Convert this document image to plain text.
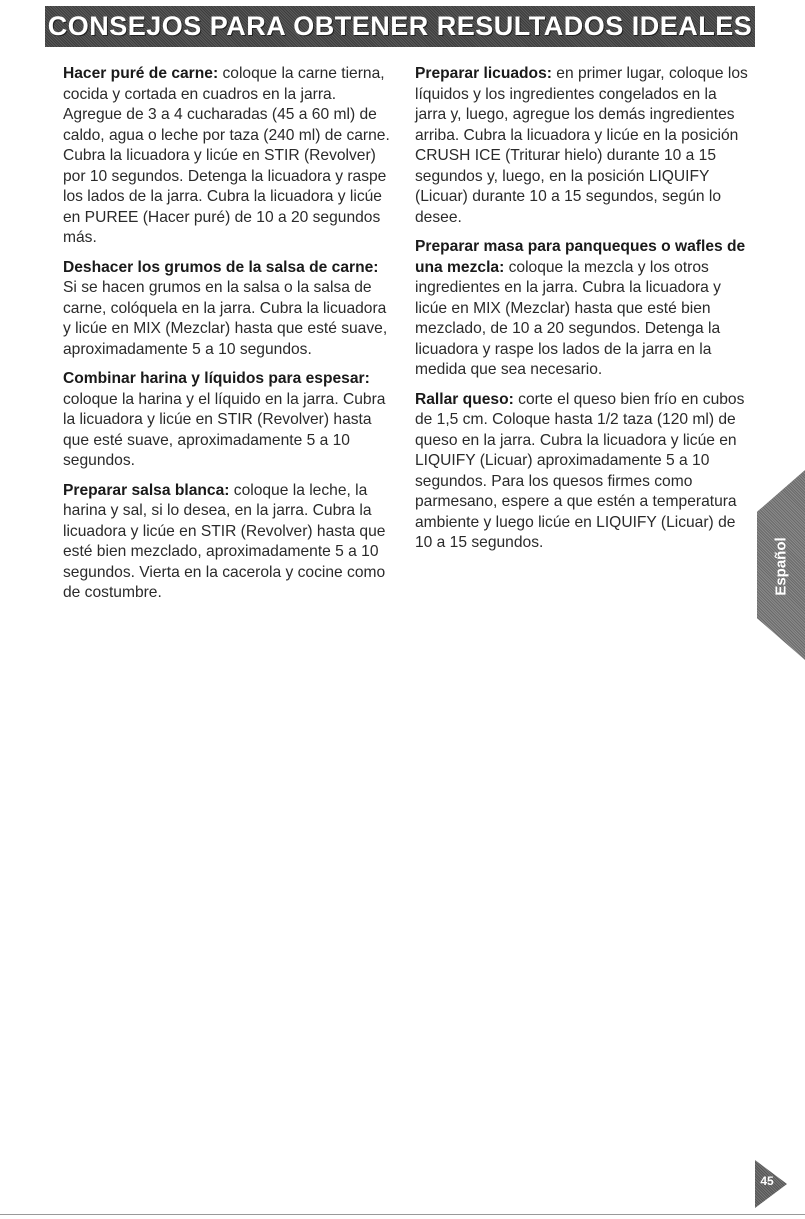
CONSEJOS PARA OBTENER RESULTADOS IDEALES

Hacer puré de carne: coloque la carne tierna, cocida y cortada en cuadros en la jarra. Agregue de 3 a 4 cucharadas (45 a 60 ml) de caldo, agua o leche por taza (240 ml) de carne. Cubra la licuadora y licúe en STIR (Revolver) por 10 segundos. Detenga la licuadora y raspe los lados de la jarra. Cubra la licuadora y licúe en PUREE (Hacer puré) de 10 a 20 segundos más.

Deshacer los grumos de la salsa de carne: Si se hacen grumos en la salsa o la salsa de carne, colóquela en la jarra. Cubra la licuadora y licúe en MIX (Mezclar) hasta que esté suave, aproximadamente 5 a 10 segundos.

Combinar harina y líquidos para espesar: coloque la harina y el líquido en la jarra. Cubra la licuadora y licúe en STIR (Revolver) hasta que esté suave, aproximadamente 5 a 10 segundos.

Preparar salsa blanca: coloque la leche, la harina y sal, si lo desea, en la jarra. Cubra la licuadora y licúe en STIR (Revolver) hasta que esté bien mezclado, aproximadamente 5 a 10 segundos. Vierta en la cacerola y cocine como de costumbre.

Preparar licuados: en primer lugar, coloque los líquidos y los ingredientes congelados en la jarra y, luego, agregue los demás ingredientes arriba. Cubra la licuadora y licúe en la posición CRUSH ICE (Triturar hielo) durante 10 a 15 segundos y, luego, en la posición LIQUIFY (Licuar) durante 10 a 15 segundos, según lo desee.

Preparar masa para panqueques o wafles de una mezcla: coloque la mezcla y los otros ingredientes en la jarra. Cubra la licuadora y licúe en MIX (Mezclar) hasta que esté bien mezclado, de 10 a 20 segundos. Detenga la licuadora y raspe los lados de la jarra en la medida que sea necesario.

Rallar queso: corte el queso bien frío en cubos de 1,5 cm. Coloque hasta 1/2 taza (120 ml) de queso en la jarra. Cubra la licuadora y licúe en LIQUIFY (Licuar) aproximadamente 5 a 10 segundos. Para los quesos firmes como parmesano, espere a que estén a temperatura ambiente y luego licúe en LIQUIFY (Licuar) de 10 a 15 segundos.	Español
45
